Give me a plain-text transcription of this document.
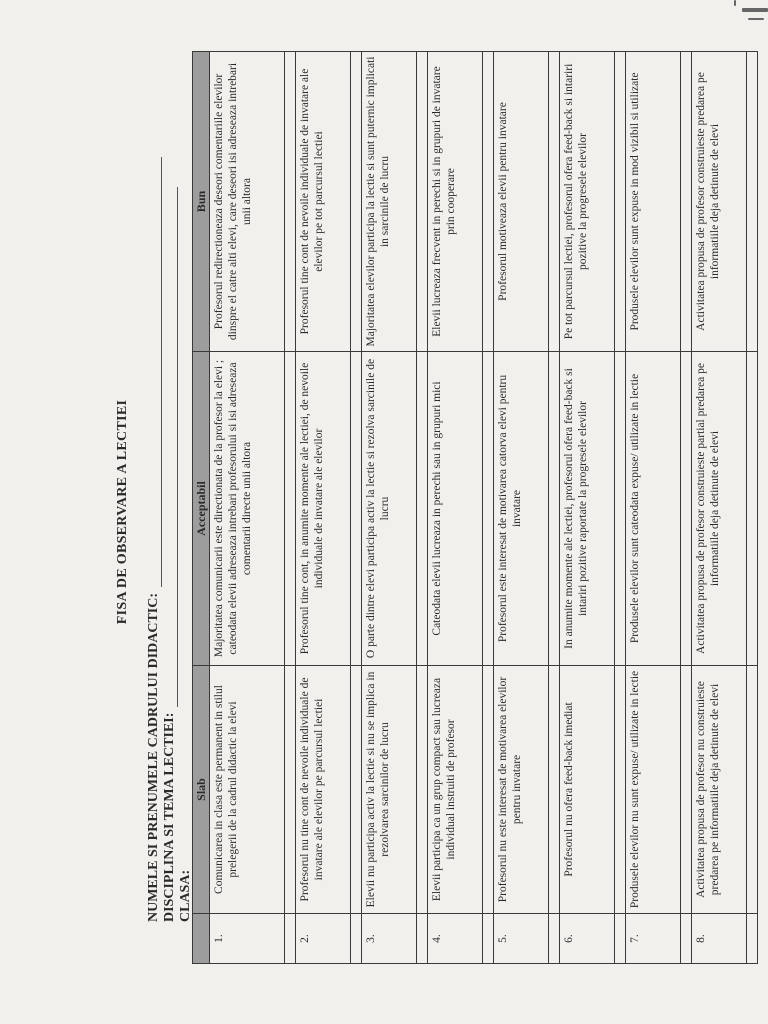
FISA DE OBSERVARE A LECTIEI
NUMELE SI PRENUMELE CADRULUI DIDACTIC: DISCIPLINA SI TEMA LECTIEI: CLASA:
	Slab	Acceptabil	Bun
1.	Comunicarea in clasa este permanent in stilul prelegerii de la cadrul didactic la elevi	Majoritatea comunicarii este directionata de la profesor la elevi ; cateodata elevii adreseaza intrebari profesorului si isi adreseaza comentarii directe unii altora	Profesorul redirectioneaza deseori comentariile elevilor dinspre el catre alti elevi, care deseori isi adreseaza intrebari unii altora

2.	Profesorul nu tine cont de nevoile individuale de invatare ale elevilor pe parcursul lectiei	Profesorul tine cont, in anumite momente ale lectiei, de nevoile individuale de invatare ale elevilor	Profesorul tine cont de nevoile individuale de invatare ale elevilor pe tot parcursul lectiei

3.	Elevii nu participa activ la lectie si nu se implica in rezolvarea sarcinilor de lucru	O parte dintre elevi participa activ la lectie si rezolva sarcinile de lucru	Majoritatea elevilor participa la lectie si sunt puternic implicati in sarcinile de lucru

4.	Elevii participa ca un grup compact sau lucreaza individual instruiti de profesor	Cateodata elevii lucreaza in perechi sau in grupuri mici	Elevii lucreaza frecvent in perechi si in grupuri de invatare prin cooperare

5.	Profesorul nu este interesat de motivarea elevilor pentru invatare	Profesorul este interesat de motivarea catorva elevi pentru invatare	Profesorul motiveaza elevii pentru invatare

6.	Profesorul nu ofera feed-back imediat	In anumite momente ale lectiei, profesorul ofera feed-back si intariri pozitive raportate la progresele elevilor	Pe tot parcursul lectiei, profesorul ofera feed-back si intariri pozitive la progresele elevilor

7.	Produsele elevilor nu sunt expuse/ utilizate in lectie	Produsele elevilor sunt cateodata expuse/ utilizate in lectie	Produsele elevilor sunt expuse in mod vizibil si utilizate

8.	Activitatea propusa de profesor nu construieste predarea pe informatiile deja detinute de elevi	Activitatea propusa de profesor construieste partial predarea pe informatiile deja detinute de elevi	Activitatea propusa de profesor construieste predarea pe informatiile deja detinute de elevi
